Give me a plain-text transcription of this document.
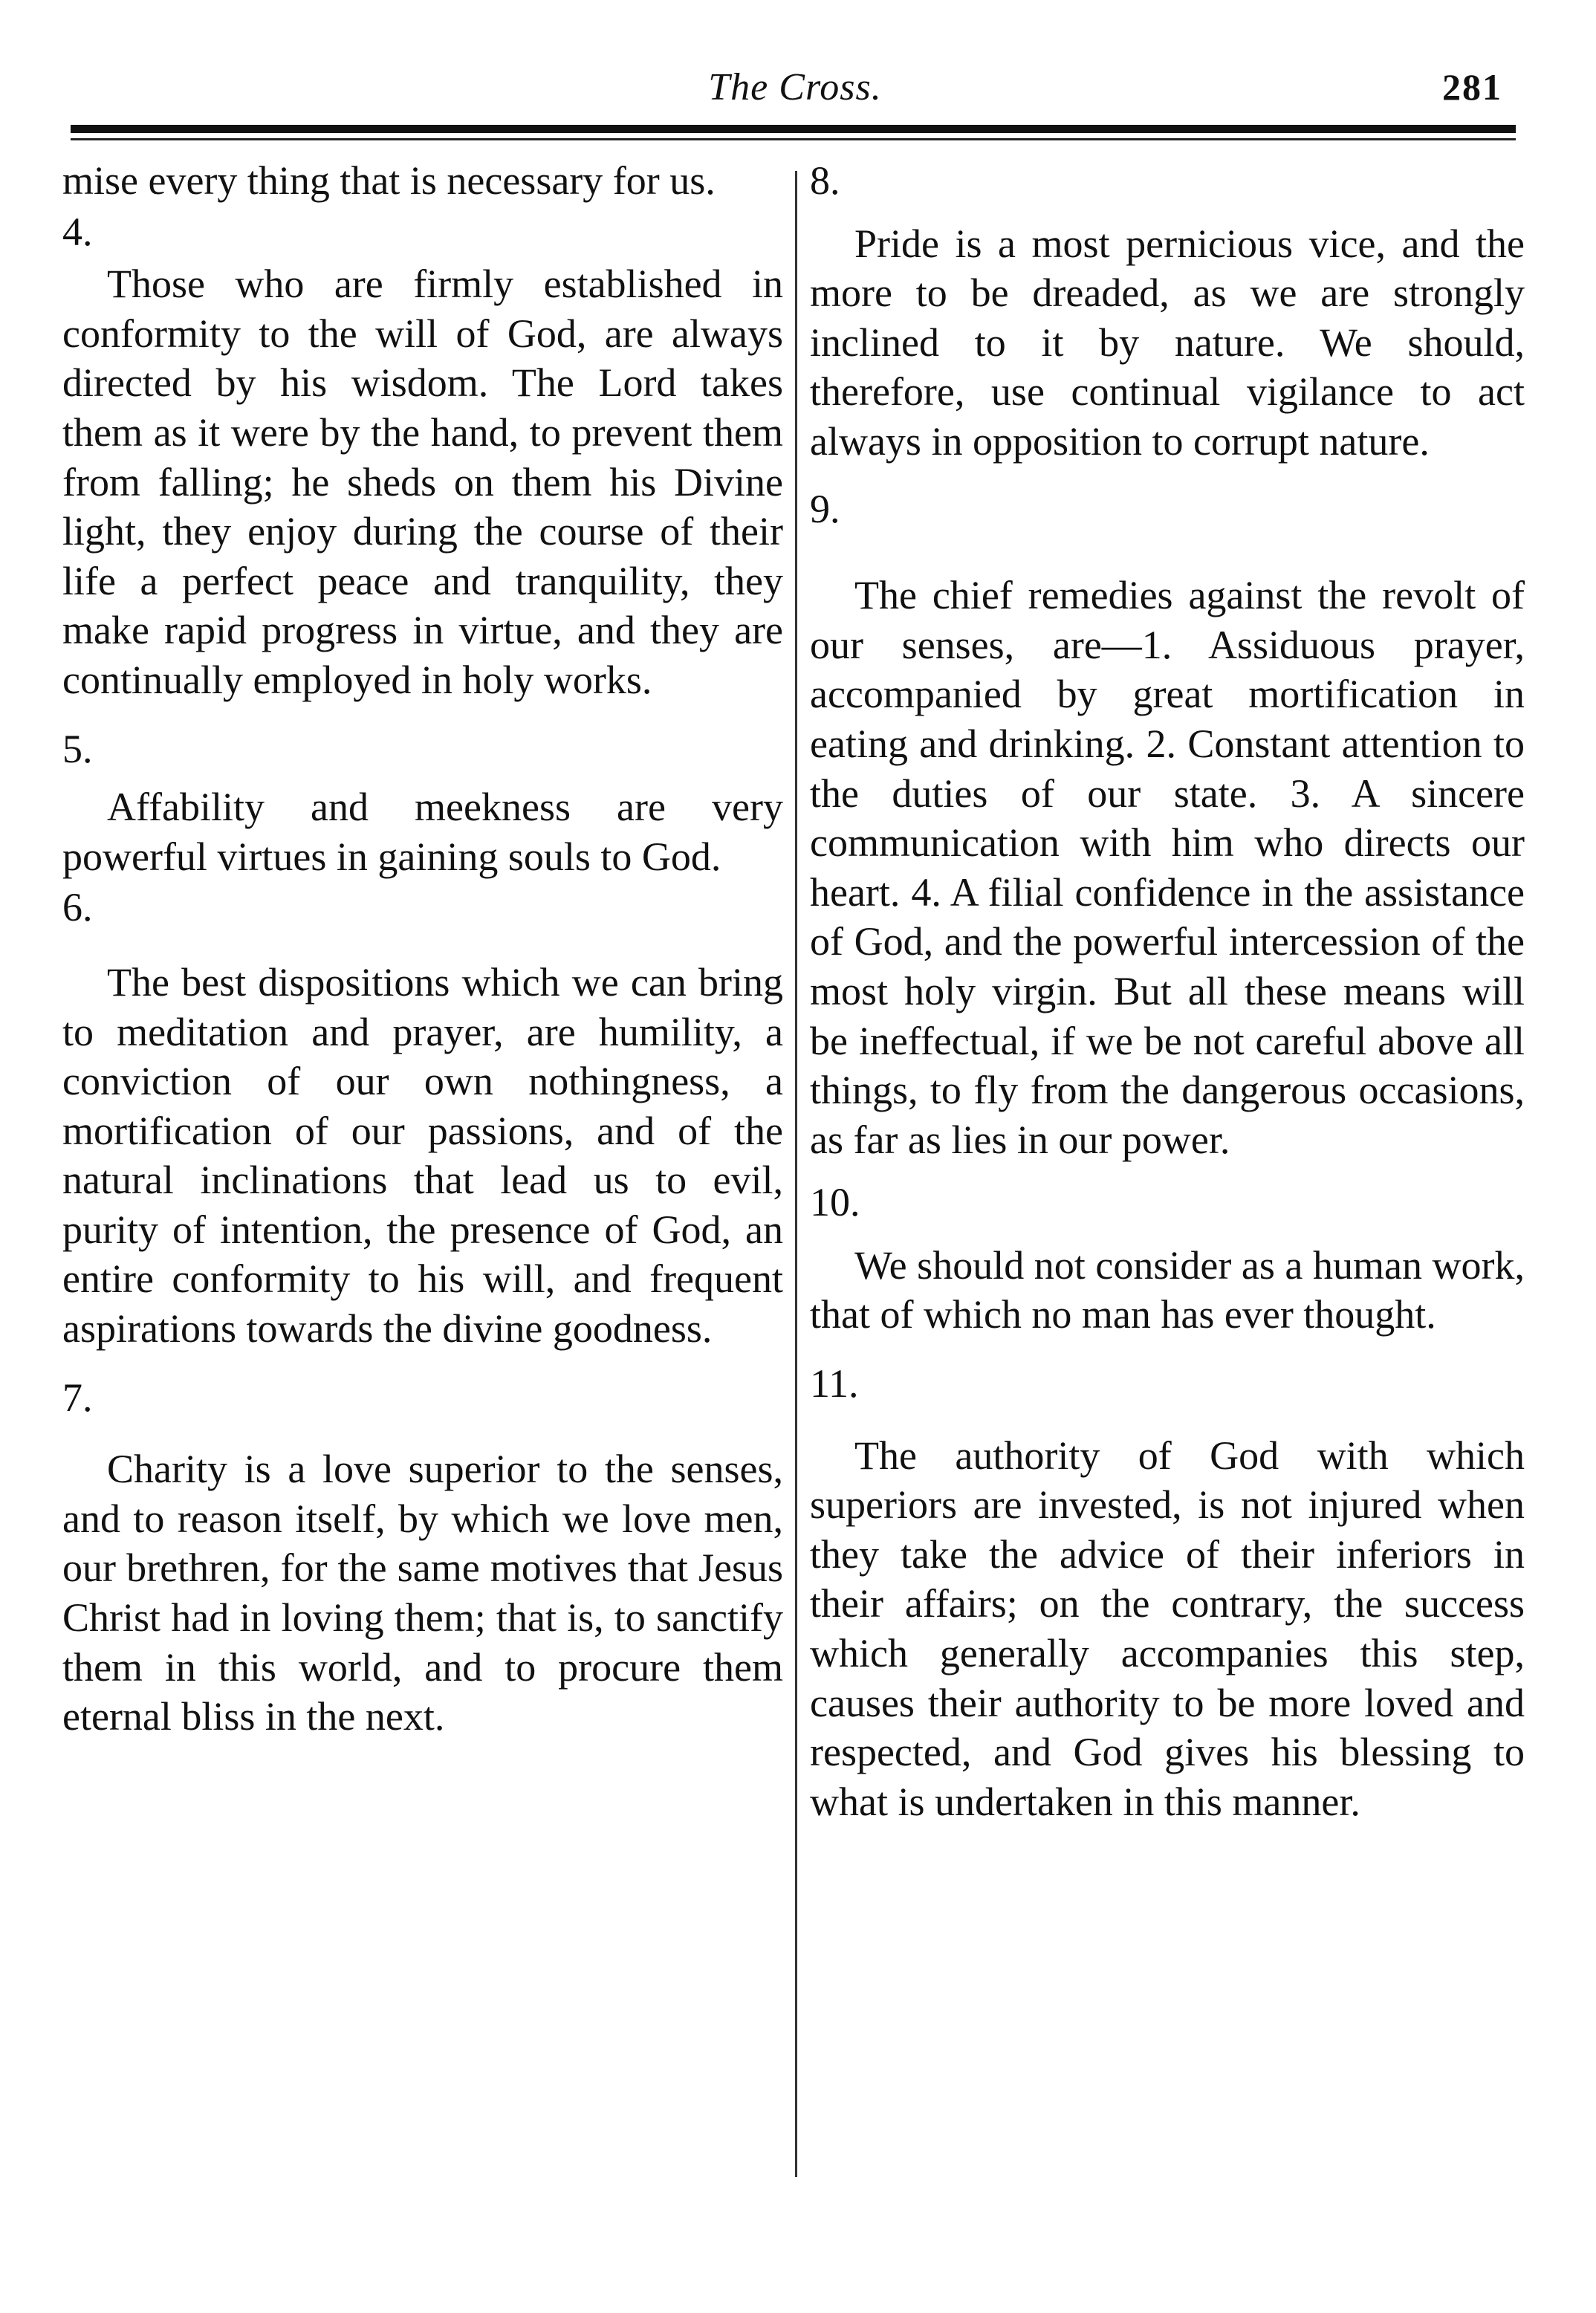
The Cross.	281

mise every thing that is necessary for us.

4.

Those who are firmly established in conformity to the will of God, are always directed by his wisdom. The Lord takes them as it were by the hand, to prevent them from falling; he sheds on them his Divine light, they enjoy during the course of their life a perfect peace and tranquility, they make rapid progress in virtue, and they are continually employed in holy works.

5.

Affability and meekness are very powerful virtues in gaining souls to God.

6.

The best dispositions which we can bring to meditation and prayer, are humility, a conviction of our own nothingness, a mortification of our passions, and of the natural inclinations that lead us to evil, purity of intention, the presence of God, an entire conformity to his will, and frequent aspirations towards the divine goodness.

7.

Charity is a love superior to the senses, and to reason itself, by which we love men, our brethren, for the same motives that Jesus Christ had in loving them; that is, to sanctify them in this world, and to procure them eternal bliss in the next.

8.

Pride is a most pernicious vice, and the more to be dreaded, as we are strongly inclined to it by nature. We should, therefore, use continual vigilance to act always in opposition to corrupt nature.

9.

The chief remedies against the revolt of our senses, are—1. Assiduous prayer, accompanied by great mortification in eating and drinking. 2. Constant attention to the duties of our state. 3. A sincere communication with him who directs our heart. 4. A filial confidence in the assistance of God, and the powerful intercession of the most holy virgin. But all these means will be ineffectual, if we be not careful above all things, to fly from the dangerous occasions, as far as lies in our power.

10.

We should not consider as a human work, that of which no man has ever thought.

11.

The authority of God with which superiors are invested, is not injured when they take the advice of their inferiors in their affairs; on the contrary, the success which generally accompanies this step, causes their authority to be more loved and respected, and God gives his blessing to what is undertaken in this manner.
